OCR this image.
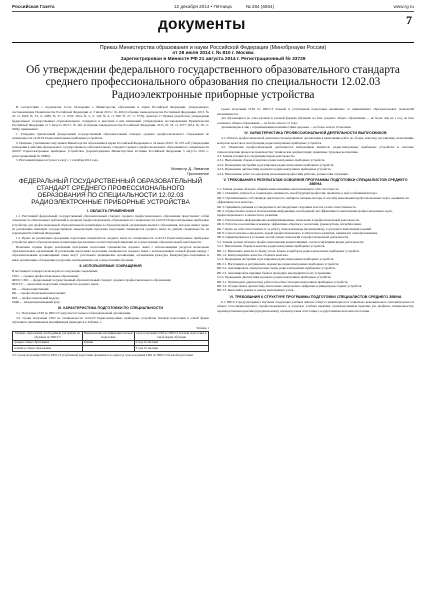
Российская Газета	12 декабря 2014 • Пятница	№ 284 (6554)	www.rg.ru
документы	7
Приказ Министерства образования и науки Российской Федерации (Минобрнауки России)
от 28 июля 2014 г. № 810 г. Москва
Зарегистрирован в Минюсте РФ 21 августа 2014 г. Регистрационный № 33729
Об утверждении федерального государственного образовательного стандарта среднего профессионального образования по специальности 12.02.03 Радиоэлектронные приборные устройства

В соответствии с подпунктом 5.2.41 Положения о Министерстве образования и науки Российской Федерации, утвержденного постановлением Правительства Российской Федерации от 3 июня 2013 г. № 466 (Собрание законодательства Российской Федерации, 2013, № 23, ст. 2923; № 33, ст. 4386; № 37, ст. 4702; 2014, № 2, ст. 126; № 6, ст. 582; № 27, ст. 3776), пунктом 17 Правил разработки, утверждения федеральных государственных образовательных стандартов и внесения в них изменений, утвержденных постановлением Правительства Российской Федерации от 5 августа 2013 г. № 661 (Собрание законодательства Российской Федерации, 2013, № 33, ст. 4377; 2014, № 38, ст. 5069), приказываю:

1. Утвердить прилагаемый федеральный государственный образовательный стандарт среднего профессионального образования по специальности 12.02.03 Радиоэлектронные приборные устройства.

2. Признать утратившим силу приказ Министерства образования и науки Российской Федерации от 24 июня 2010 г. № 676 «Об утверждении и введении в действие федерального государственного образовательного стандарта среднего профессионального образования по специальности 200107 Радиоэлектронные приборные устройства» (зарегистрирован Министерством юстиции Российской Федерации 5 августа 2010 г., регистрационный № 18080).

3. Настоящий приказ вступает в силу с 1 сентября 2014 года.

Министр Д. Ливанов
Приложение
ФЕДЕРАЛЬНЫЙ ГОСУДАРСТВЕННЫЙ ОБРАЗОВАТЕЛЬНЫЙ СТАНДАРТ СРЕДНЕГО ПРОФЕССИОНАЛЬНОГО ОБРАЗОВАНИЯ ПО СПЕЦИАЛЬНОСТИ 12.02.03
РАДИОЭЛЕКТРОННЫЕ ПРИБОРНЫЕ УСТРОЙСТВА
I. ОБЛАСТЬ ПРИМЕНЕНИЯ

1.1. Настоящий федеральный государственный образовательный стандарт среднего профессионального образования представляет собой совокупность обязательных требований к среднему профессиональному образованию по специальности 12.02.03 Радиоэлектронные приборные устройства для профессиональной образовательной организации и образовательной организации высшего образования, которые имеют право на реализацию имеющих государственную аккредитацию программ подготовки специалистов среднего звена по данной специальности, на территории Российской Федерации.

1.2. Право на реализацию программы подготовки специалистов среднего звена по специальности 12.02.03 Радиоэлектронные приборные устройства имеет образовательная организация при наличии соответствующей лицензии на осуществление образовательной деятельности.

Возможна сетевая форма реализации программы подготовки специалистов среднего звена с использованием ресурсов нескольких образовательных организаций. В реализации программы подготовки специалистов среднего звена с использованием сетевой формы наряду с образовательными организациями также могут участвовать медицинские организации, организации культуры, физкультурно-спортивные и иные организации, обладающие ресурсами, необходимыми для осуществления обучения.

II. ИСПОЛЬЗУЕМЫЕ СОКРАЩЕНИЯ

В настоящем стандарте используются следующие сокращения:

СПО — среднее профессиональное образование;

ФГОС СПО — федеральный государственный образовательный стандарт среднего профессионального образования;

ППССЗ — программа подготовки специалистов среднего звена;

ОК — общая компетенция;

ПК — профессиональная компетенция;

ПМ — профессиональный модуль;

МДК — междисциплинарный курс.

III. ХАРАКТЕРИСТИКА ПОДГОТОВКИ ПО СПЕЦИАЛЬНОСТИ

3.1. Получение СПО по ППССЗ допускается только в образовательной организации.

3.2. Сроки получения СПО по специальности 12.02.03 Радиоэлектронные приборные устройства базовой подготовки в очной форме обучения и присваиваемая квалификация приводятся в Таблице 1.

Таблица 1
Уровень образования, необходимый для приема на обучение по ППССЗ	Наименование квалификации базовой подготовки	Срок получения СПО по ППССЗ базовой подготовки в очной форме обучения
среднее общее образование	Техник	2 года 10 месяцев
основное общее образование		3 года 10 месяцев
3.3. Сроки получения СПО по ППССЗ углубленной подготовки превышают на один год срок получения СПО по ППССЗ базовой подготовки.

Сроки получения СПО по ППССЗ базовой и углубленной подготовки независимо от применяемых образовательных технологий увеличиваются:

для обучающихся по очно-заочной и заочной формам обучения: на базе среднего общего образования — не более чем на 1 год; на базе основного общего образования — не более чем на 1,5 года;

для инвалидов и лиц с ограниченными возможностями здоровья — не более чем на 10 месяцев.

IV. ХАРАКТЕРИСТИКА ПРОФЕССИОНАЛЬНОЙ ДЕЯТЕЛЬНОСТИ ВЫПУСКНИКОВ

4.1. Область профессиональной деятельности выпускников: организация и выполнение работ по сборке, монтажу, регулировке, испытаниям, контролю качества и эксплуатации радиоэлектронных приборных устройств.

4.2. Объектами профессиональной деятельности выпускников являются: радиоэлектронные приборные устройства и системы; технологические процессы производства; техническая документация; первичные трудовые коллективы.

4.3. Техник готовится к следующим видам деятельности:

4.3.1. Выполнение сборки и монтажа радиоэлектронных приборных устройств.

4.3.2. Проведение настройки и регулировки радиоэлектронных приборных устройств.

4.3.3. Проведение диагностики и ремонта радиоэлектронных приборных устройств.

4.3.4. Выполнение работ по одной или нескольким профессиям рабочих, должностям служащих.

V. ТРЕБОВАНИЯ К РЕЗУЛЬТАТАМ ОСВОЕНИЯ ПРОГРАММЫ ПОДГОТОВКИ СПЕЦИАЛИСТОВ СРЕДНЕГО ЗВЕНА

5.1. Техник должен обладать общими компетенциями, включающими в себя способность:

ОК 1. Понимать сущность и социальную значимость своей будущей профессии, проявлять к ней устойчивый интерес.

ОК 2. Организовывать собственную деятельность, выбирать типовые методы и способы выполнения профессиональных задач, оценивать их эффективность и качество.

ОК 3. Принимать решения в стандартных и нестандартных ситуациях и нести за них ответственность.

ОК 4. Осуществлять поиск и использование информации, необходимой для эффективного выполнения профессиональных задач, профессионального и личностного развития.

ОК 5. Использовать информационно-коммуникационные технологии в профессиональной деятельности.

ОК 6. Работать в коллективе и команде, эффективно общаться с коллегами, руководством, потребителями.

ОК 7. Брать на себя ответственность за работу членов команды (подчиненных), за результат выполнения заданий.

ОК 8. Самостоятельно определять задачи профессионального и личностного развития, заниматься самообразованием.

ОК 9. Ориентироваться в условиях частой смены технологий в профессиональной деятельности.

5.2. Техник должен обладать профессиональными компетенциями, соответствующими видам деятельности:

5.2.1. Выполнение сборки и монтажа радиоэлектронных приборных устройств.

ПК 1.1. Выполнять монтаж и сборку узлов, блоков и приборов радиоэлектронных приборных устройств.

ПК 1.2. Контролировать качество сборки и монтажа.

5.2.2. Проведение настройки и регулировки радиоэлектронных приборных устройств.

ПК 2.1. Настраивать и регулировать параметры радиоэлектронных приборных устройств.

ПК 2.2. Анализировать электрические схемы радиоэлектронных приборных устройств.

ПК 2.3. Анализировать причины брака и проводить мероприятия по их устранению.

5.2.3. Проведение диагностики и ремонта радиоэлектронных приборных устройств.

ПК 3.1. Производить диагностику работоспособности радиоэлектронных приборных устройств.

ПК 3.2. Осуществлять диагностику аналоговых, импульсных, цифровых и микропроцессорных устройств.

ПК 3.3. Выполнять ремонт и замену неисправных узлов.

VI. ТРЕБОВАНИЯ К СТРУКТУРЕ ПРОГРАММЫ ПОДГОТОВКИ СПЕЦИАЛИСТОВ СРЕДНЕГО ЗВЕНА

6.1. ППССЗ предусматривает изучение следующих учебных циклов: общего гуманитарного и социально-экономического; математического и общего естественнонаучного; профессионального; и разделов: учебная практика; производственная практика (по профилю специальности); производственная практика (преддипломная); промежуточная аттестация; государственная итоговая аттестация.
